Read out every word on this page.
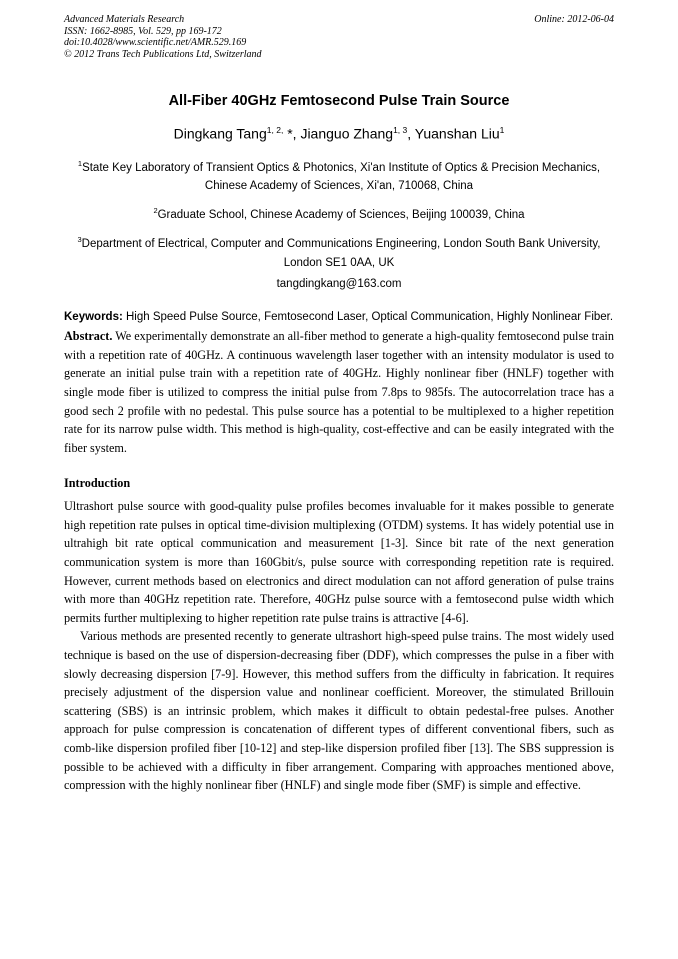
Advanced Materials Research
ISSN: 1662-8985, Vol. 529, pp 169-172
doi:10.4028/www.scientific.net/AMR.529.169
© 2012 Trans Tech Publications Ltd, Switzerland
Online: 2012-06-04
All-Fiber 40GHz Femtosecond Pulse Train Source
Dingkang Tang$^{1, 2,}$ *, Jianguo Zhang$^{1, 3}$, Yuanshan Liu$^1$

$^1$State Key Laboratory of Transient Optics & Photonics, Xi'an Institute of Optics & Precision Mechanics, Chinese Academy of Sciences, Xi'an, 710068, China

$^2$Graduate School, Chinese Academy of Sciences, Beijing 100039, China

$^3$Department of Electrical, Computer and Communications Engineering, London South Bank University, London SE1 0AA, UK

tangdingkang@163.com
Keywords: High Speed Pulse Source, Femtosecond Laser, Optical Communication, Highly Nonlinear Fiber.

Abstract. We experimentally demonstrate an all-fiber method to generate a high-quality femtosecond pulse train with a repetition rate of 40GHz. A continuous wavelength laser together with an intensity modulator is used to generate an initial pulse train with a repetition rate of 40GHz. Highly nonlinear fiber (HNLF) together with single mode fiber is utilized to compress the initial pulse from 7.8ps to 985fs. The autocorrelation trace has a good sech 2 profile with no pedestal. This pulse source has a potential to be multiplexed to a higher repetition rate for its narrow pulse width. This method is high-quality, cost-effective and can be easily integrated with the fiber system.

Introduction

Ultrashort pulse source with good-quality pulse profiles becomes invaluable for it makes possible to generate high repetition rate pulses in optical time-division multiplexing (OTDM) systems. It has widely potential use in ultrahigh bit rate optical communication and measurement [1-3]. Since bit rate of the next generation communication system is more than 160Gbit/s, pulse source with corresponding repetition rate is required. However, current methods based on electronics and direct modulation can not afford generation of pulse trains with more than 40GHz repetition rate. Therefore, 40GHz pulse source with a femtosecond pulse width which permits further multiplexing to higher repetition rate pulse trains is attractive [4-6].

Various methods are presented recently to generate ultrashort high-speed pulse trains. The most widely used technique is based on the use of dispersion-decreasing fiber (DDF), which compresses the pulse in a fiber with slowly decreasing dispersion [7-9]. However, this method suffers from the difficulty in fabrication. It requires precisely adjustment of the dispersion value and nonlinear coefficient. Moreover, the stimulated Brillouin scattering (SBS) is an intrinsic problem, which makes it difficult to obtain pedestal-free pulses. Another approach for pulse compression is concatenation of different types of different conventional fibers, such as comb-like dispersion profiled fiber [10-12] and step-like dispersion profiled fiber [13]. The SBS suppression is possible to be achieved with a difficulty in fiber arrangement. Comparing with approaches mentioned above, compression with the highly nonlinear fiber (HNLF) and single mode fiber (SMF) is simple and effective.
